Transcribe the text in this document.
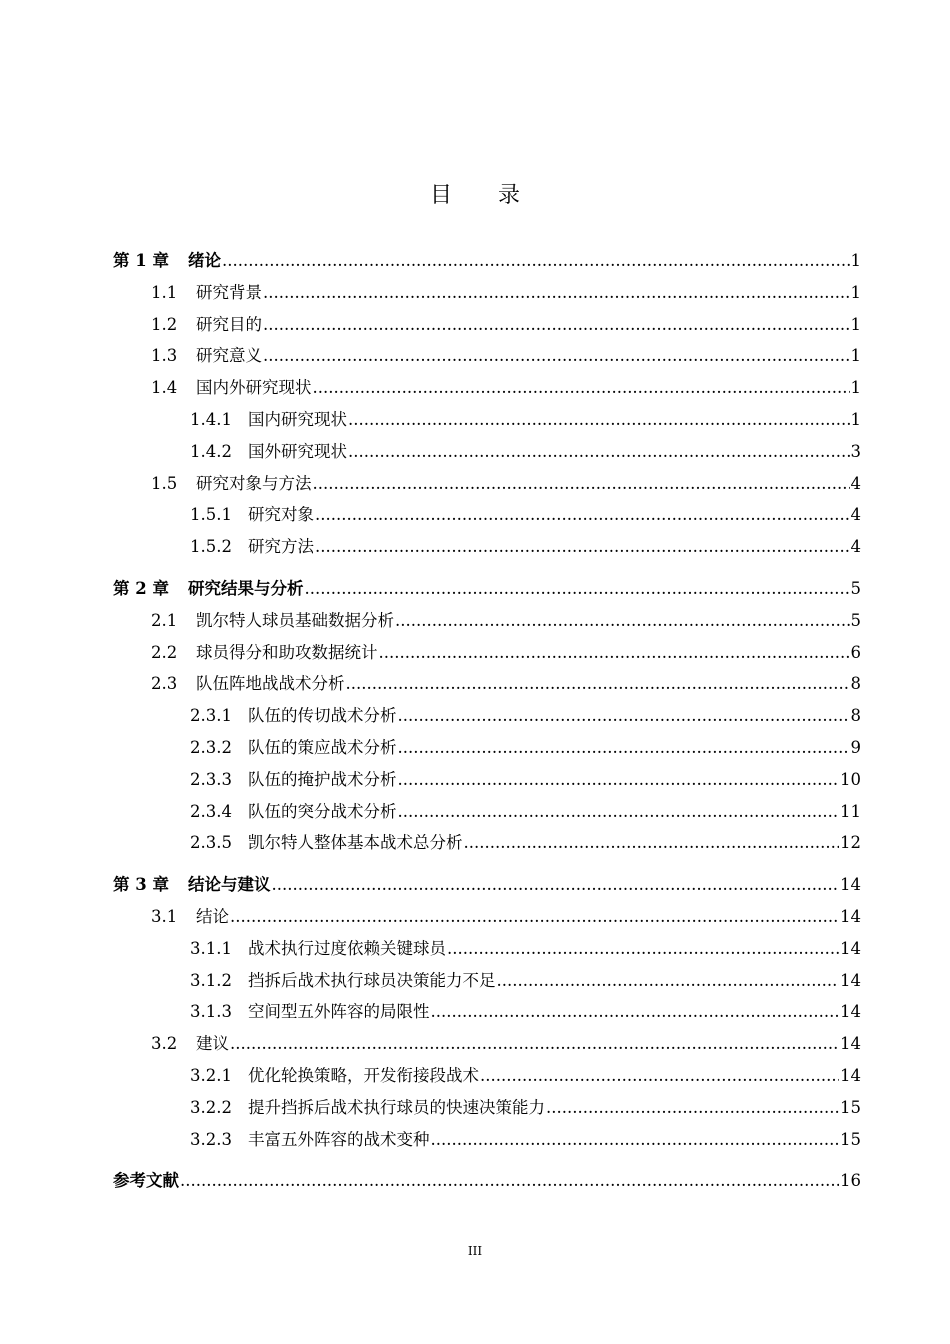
目 录
第 1 章	绪论 .....	1
1.1	研究背景 .....	1
1.2	研究目的 .....	1
1.3	研究意义 .....	1
1.4	国内外研究现状 .....	1
1.4.1 国内研究现状 .....	1
1.4.2 国外研究现状 .....	3
1.5	研究对象与方法 .....	4
1.5.1 研究对象 .....	4
1.5.2 研究方法 .....	4
第 2 章	研究结果与分析 .....	5
2.1	凯尔特人球员基础数据分析 .....	5
2.2	球员得分和助攻数据统计 .....	6
2.3	队伍阵地战战术分析 .....	8
2.3.1 队伍的传切战术分析 .....	8
2.3.2 队伍的策应战术分析 .....	9
2.3.3 队伍的掩护战术分析 .....	10
2.3.4 队伍的突分战术分析 .....	11
2.3.5 凯尔特人整体基本战术总分析 .....	12
第 3 章	结论与建议 .....	14
3.1	结论 .....	14
3.1.1 战术执行过度依赖关键球员 .....	14
3.1.2 挡拆后战术执行球员决策能力不足 .....	14
3.1.3 空间型五外阵容的局限性 .....	14
3.2	建议 .....	14
3.2.1 优化轮换策略，开发衔接段战术 .....	14
3.2.2 提升挡拆后战术执行球员的快速决策能力 .....	15
3.2.3 丰富五外阵容的战术变种 .....	15
参考文献 .....	16
III
